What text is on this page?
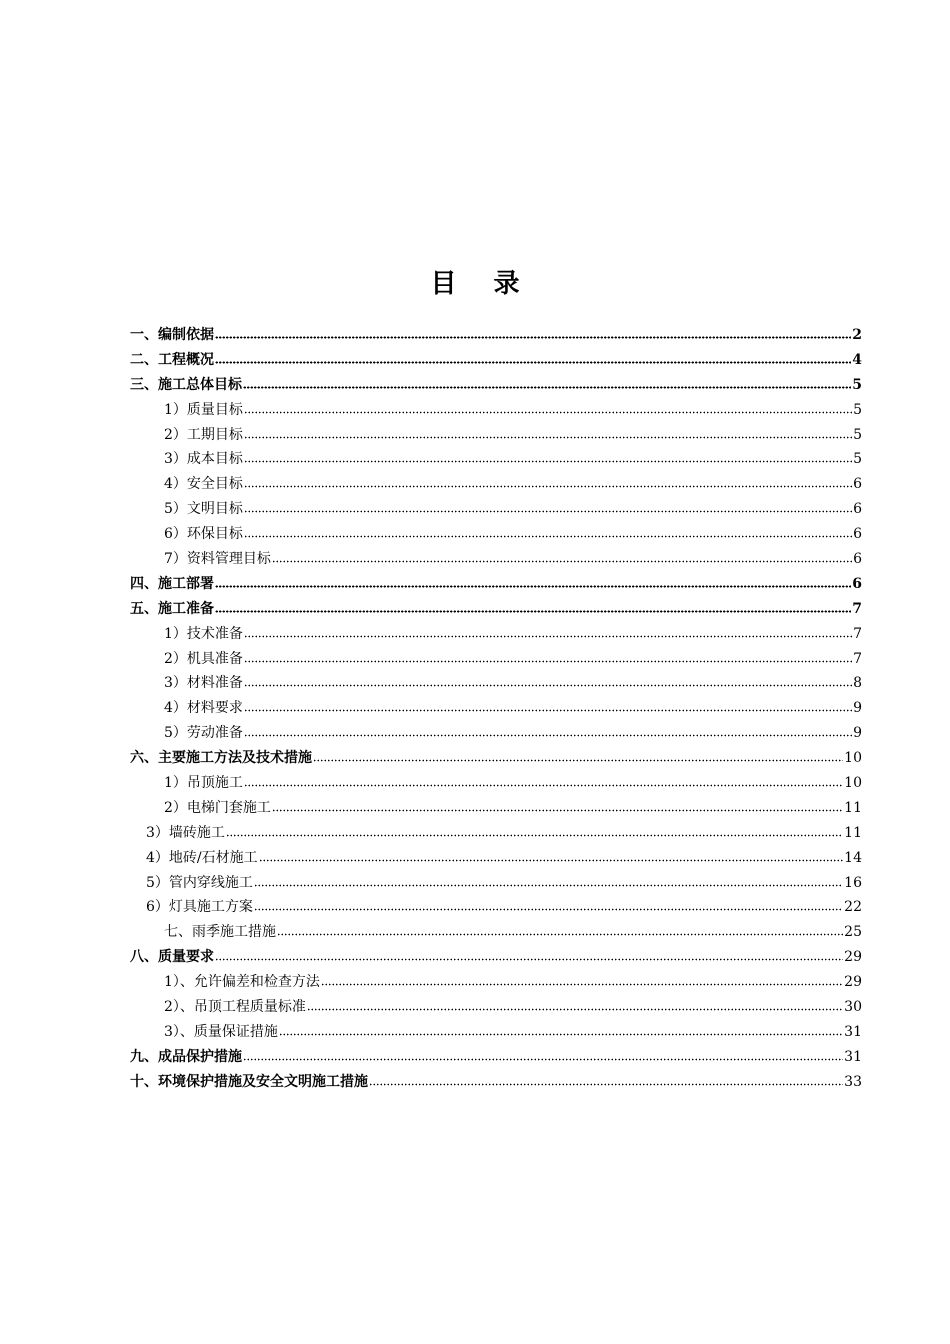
目 录
一、编制依据	2
二、工程概况	4
三、施工总体目标	5
1）质量目标	5
2）工期目标	5
3）成本目标	5
4）安全目标	6
5）文明目标	6
6）环保目标	6
7）资料管理目标	6
四、施工部署	6
五、施工准备	7
1）技术准备	7
2）机具准备	7
3）材料准备	8
4）材料要求	9
5）劳动准备	9
六、主要施工方法及技术措施	10
1）吊顶施工	10
2）电梯门套施工	11
3）墙砖施工	11
4）地砖/石材施工	14
5）管内穿线施工	16
6）灯具施工方案	22
七、雨季施工措施	25
八、质量要求	29
1）、允许偏差和检查方法	29
2）、吊顶工程质量标准	30
3）、质量保证措施	31
九、成品保护措施	31
十、环境保护措施及安全文明施工措施	33
